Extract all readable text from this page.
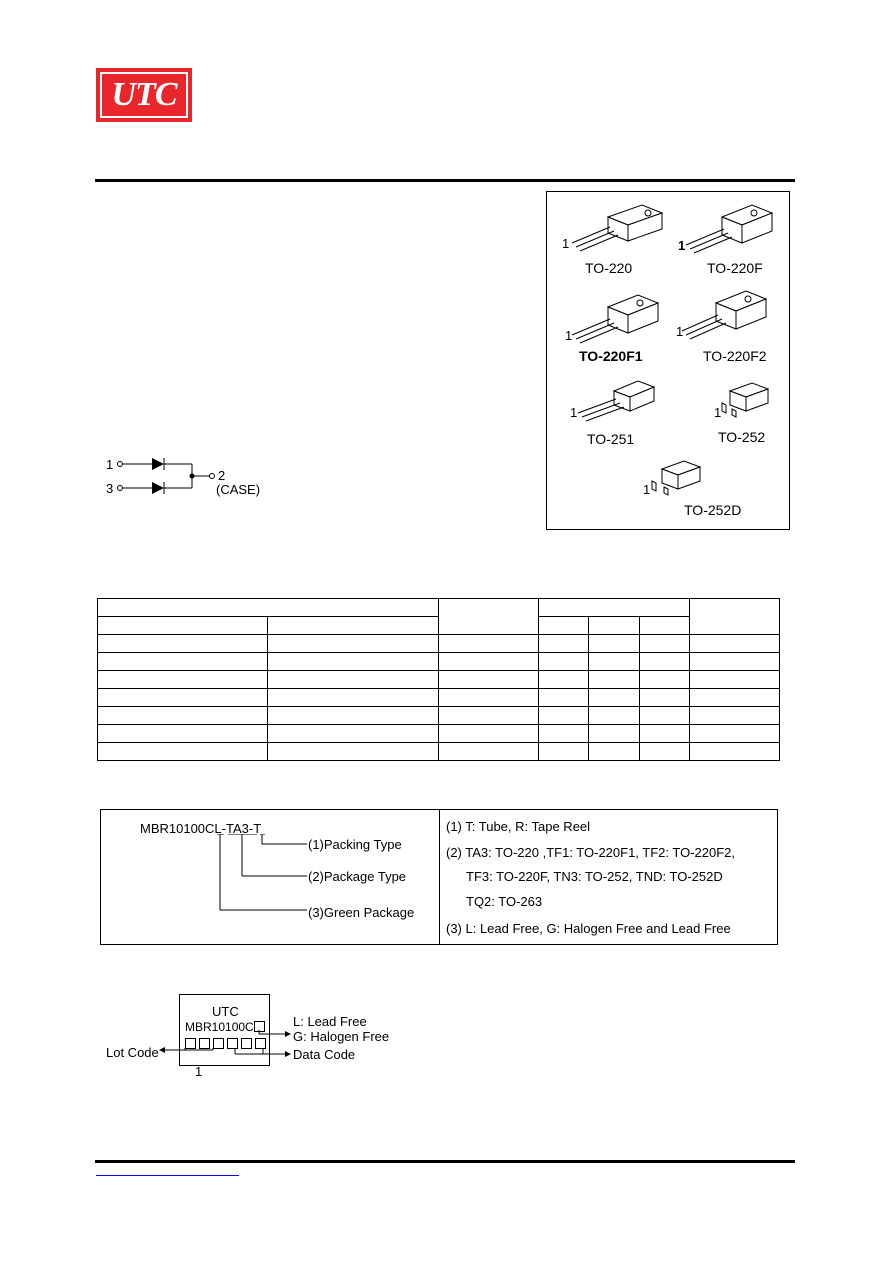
UTC
TO-220	TO-220F
TO-220F1	TO-220F2
TO-251	TO-252
TO-252D
1	1
1	1
1	1
1
1
3
2
(CASE)

MBR10100CL-TA3-T
(1)Packing Type
(2)Package Type
(3)Green Package
(1) T: Tube, R: Tape Reel
(2) TA3: TO-220 ,TF1: TO-220F1, TF2: TO-220F2,
TF3: TO-220F, TN3: TO-252, TND: TO-252D
TQ2: TO-263
(3) L: Lead Free, G: Halogen Free and Lead Free
UTC
MBR10100C	L: Lead Free
G: Halogen Free
Lot Code	Data Code
1
